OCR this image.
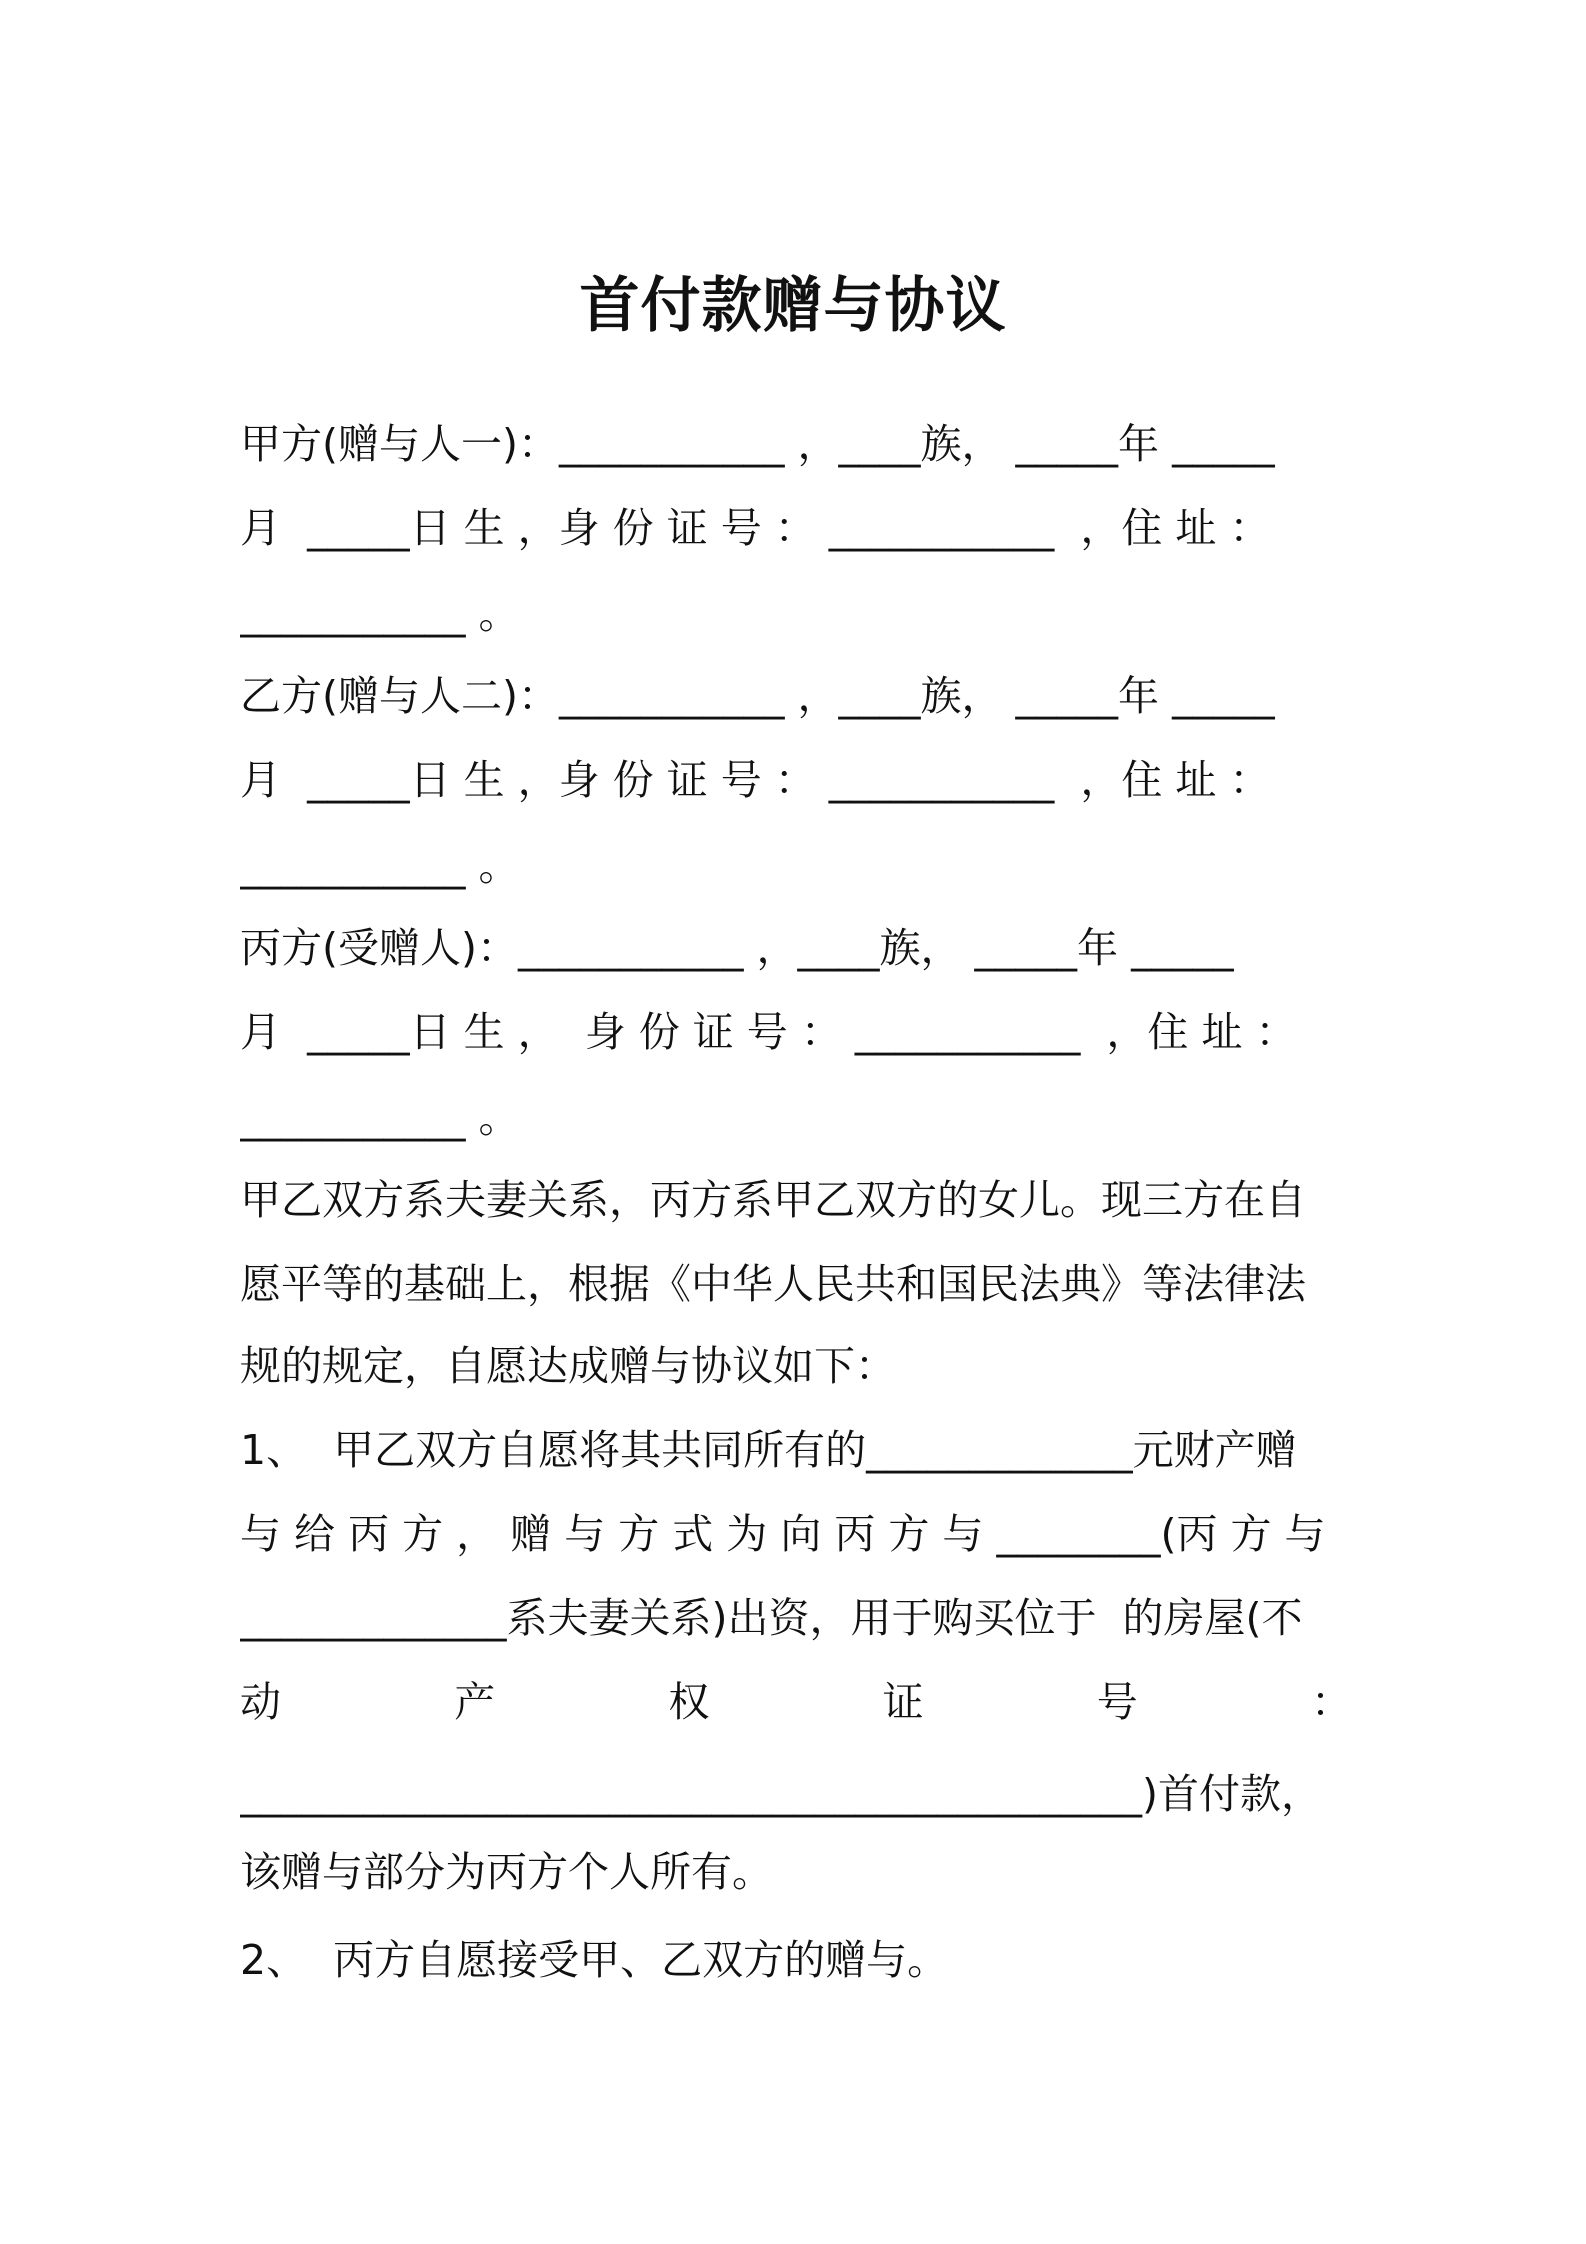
首付款赠与协议
甲方(赠与人一)：___________ ，____族， _____年 _____
月  _____日 生 ，身 份 证 号 ： ___________  ，住 址 ：
___________ 。
乙方(赠与人二)：___________ ，____族， _____年 _____
月  _____日 生 ，身 份 证 号 ： ___________  ，住 址 ：
___________ 。
丙方(受赠人)：___________ ，____族， _____年 _____
月  _____日 生 ，  身 份 证 号 ： ___________  ，住 址 ：
___________ 。
甲乙双方系夫妻关系，丙方系甲乙双方的女儿。现三方在自
愿平等的基础上，根据《中华人民共和国民法典》等法律法
规的规定，自愿达成赠与协议如下：
1、  甲乙双方自愿将其共同所有的_____________元财产赠
与 给 丙 方 ， 赠 与 方 式 为 向 丙 方 与 ________(丙 方 与
_____________系夫妻关系)出资，用于购买位于  的房屋(不
动	产	权	证	号	：
____________________________________________)首付款，
该赠与部分为丙方个人所有。
2、  丙方自愿接受甲、乙双方的赠与。
